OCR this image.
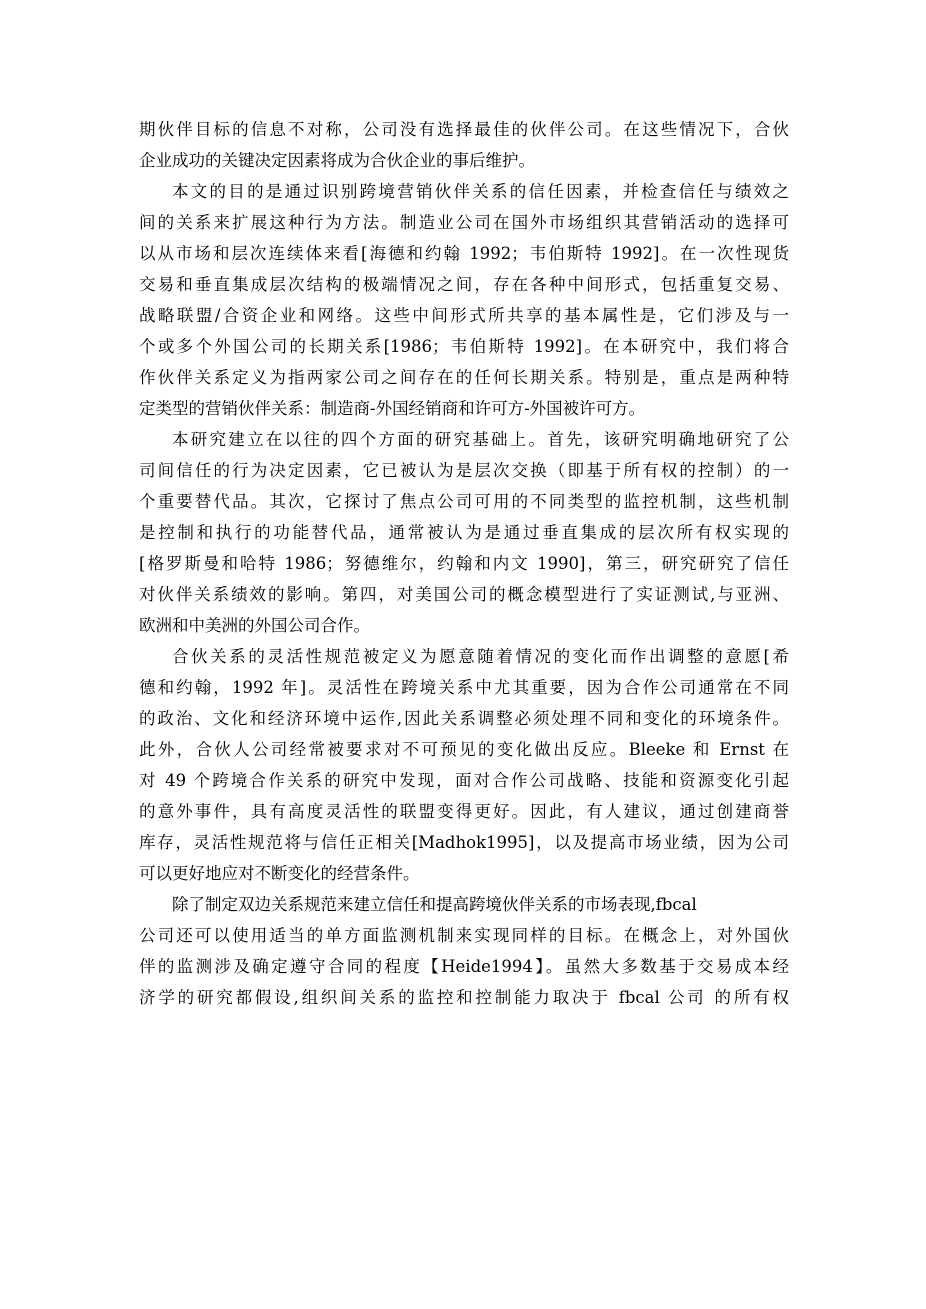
期伙伴目标的信息不对称，公司没有选择最佳的伙伴公司。在这些情况下，合伙
企业成功的关键决定因素将成为合伙企业的事后维护。
本文的目的是通过识别跨境营销伙伴关系的信任因素，并检查信任与绩效之
间的关系来扩展这种行为方法。制造业公司在国外市场组织其营销活动的选择可
以从市场和层次连续体来看[海德和约翰 1992；韦伯斯特 1992]。在一次性现货
交易和垂直集成层次结构的极端情况之间，存在各种中间形式，包括重复交易、
战略联盟/合资企业和网络。这些中间形式所共享的基本属性是，它们涉及与一
个或多个外国公司的长期关系[1986；韦伯斯特 1992]。在本研究中，我们将合
作伙伴关系定义为指两家公司之间存在的任何长期关系。特别是，重点是两种特
定类型的营销伙伴关系：制造商-外国经销商和许可方-外国被许可方。
本研究建立在以往的四个方面的研究基础上。首先，该研究明确地研究了公
司间信任的行为决定因素，它已被认为是层次交换（即基于所有权的控制）的一
个重要替代品。其次，它探讨了焦点公司可用的不同类型的监控机制，这些机制
是控制和执行的功能替代品，通常被认为是通过垂直集成的层次所有权实现的
[格罗斯曼和哈特 1986；努德维尔，约翰和内文 1990]，第三，研究研究了信任
对伙伴关系绩效的影响。第四，对美国公司的概念模型进行了实证测试,与亚洲、
欧洲和中美洲的外国公司合作。
合伙关系的灵活性规范被定义为愿意随着情况的变化而作出调整的意愿[希
德和约翰，1992 年]。灵活性在跨境关系中尤其重要，因为合作公司通常在不同
的政治、文化和经济环境中运作,因此关系调整必须处理不同和变化的环境条件。
此外，合伙人公司经常被要求对不可预见的变化做出反应。Bleeke 和 Ernst 在
对 49 个跨境合作关系的研究中发现，面对合作公司战略、技能和资源变化引起
的意外事件，具有高度灵活性的联盟变得更好。因此，有人建议，通过创建商誉
库存，灵活性规范将与信任正相关[Madhok1995]，以及提高市场业绩，因为公司
可以更好地应对不断变化的经营条件。
除了制定双边关系规范来建立信任和提高跨境伙伴关系的市场表现,fbcal
公司还可以使用适当的单方面监测机制来实现同样的目标。在概念上，对外国伙
伴的监测涉及确定遵守合同的程度【Heide1994】。虽然大多数基于交易成本经
济学的研究都假设,组织间关系的监控和控制能力取决于 fbcal 公司 的所有权
